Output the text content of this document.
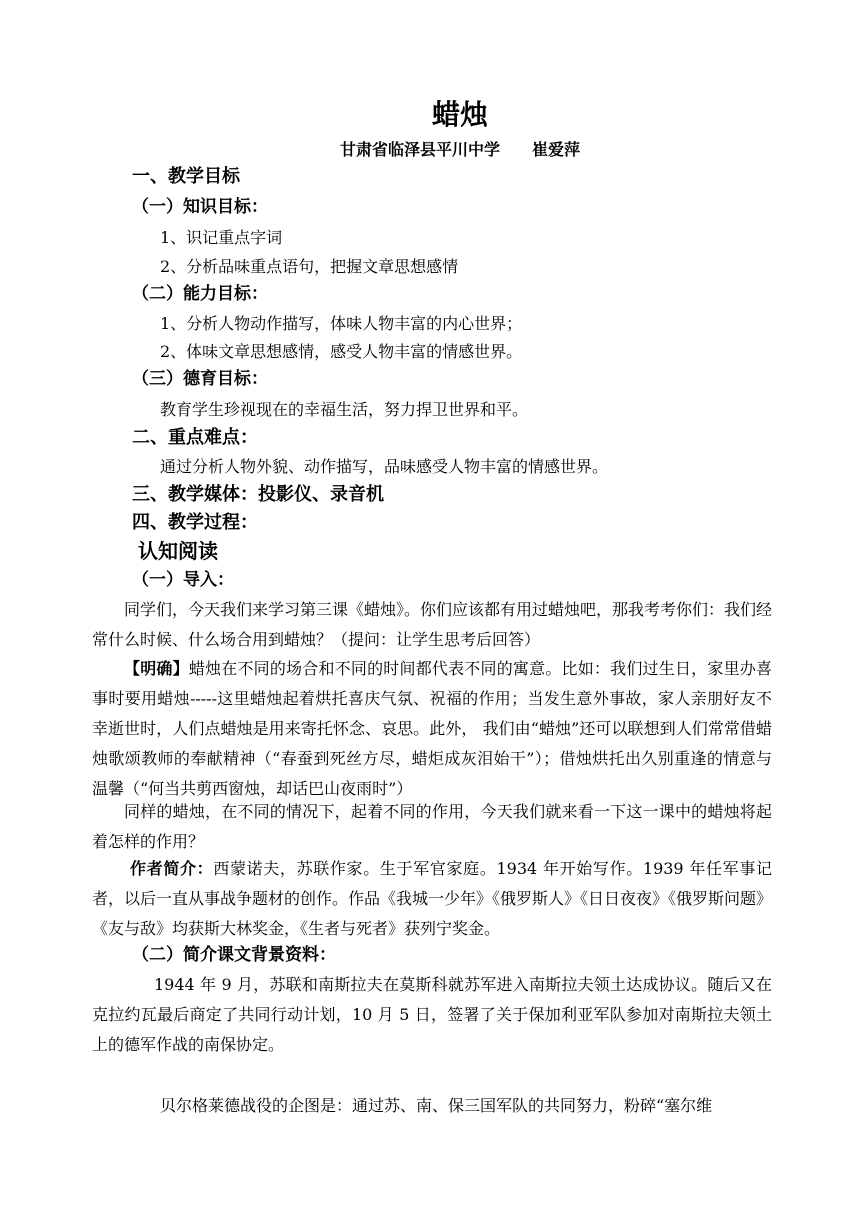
蜡烛
甘肃省临泽县平川中学　　崔爱萍
一、教学目标
（一）知识目标：
1、识记重点字词
2、分析品味重点语句，把握文章思想感情
（二）能力目标：
1、分析人物动作描写，体味人物丰富的内心世界；
2、体味文章思想感情，感受人物丰富的情感世界。
（三）德育目标：
教育学生珍视现在的幸福生活，努力捍卫世界和平。
二、重点难点：
通过分析人物外貌、动作描写，品味感受人物丰富的情感世界。
三、教学媒体：投影仪、录音机
四、教学过程：
认知阅读
（一）导入：
同学们，今天我们来学习第三课《蜡烛》。你们应该都有用过蜡烛吧，那我考考你们：我们经常什么时候、什么场合用到蜡烛？（提问：让学生思考后回答）
【明确】蜡烛在不同的场合和不同的时间都代表不同的寓意。比如：我们过生日，家里办喜事时要用蜡烛-----这里蜡烛起着烘托喜庆气氛、祝福的作用；当发生意外事故，家人亲朋好友不幸逝世时，人们点蜡烛是用来寄托怀念、哀思。此外， 我们由“蜡烛”还可以联想到人们常常借蜡烛歌颂教师的奉献精神（“春蚕到死丝方尽，蜡炬成灰泪始干”）；借烛烘托出久别重逢的情意与温馨（“何当共剪西窗烛，却话巴山夜雨时”）
同样的蜡烛，在不同的情况下，起着不同的作用，今天我们就来看一下这一课中的蜡烛将起着怎样的作用？
作者简介：西蒙诺夫，苏联作家。生于军官家庭。1934 年开始写作。1939 年任军事记者，以后一直从事战争题材的创作。作品《我城一少年》《俄罗斯人》《日日夜夜》《俄罗斯问题》《友与敌》均获斯大林奖金，《生者与死者》获列宁奖金。
（二）简介课文背景资料：
1944 年 9 月，苏联和南斯拉夫在莫斯科就苏军进入南斯拉夫领土达成协议。随后又在克拉约瓦最后商定了共同行动计划，10 月 5 日，签署了关于保加利亚军队参加对南斯拉夫领土上的德军作战的南保协定。
贝尔格莱德战役的企图是：通过苏、南、保三国军队的共同努力，粉碎“塞尔维
